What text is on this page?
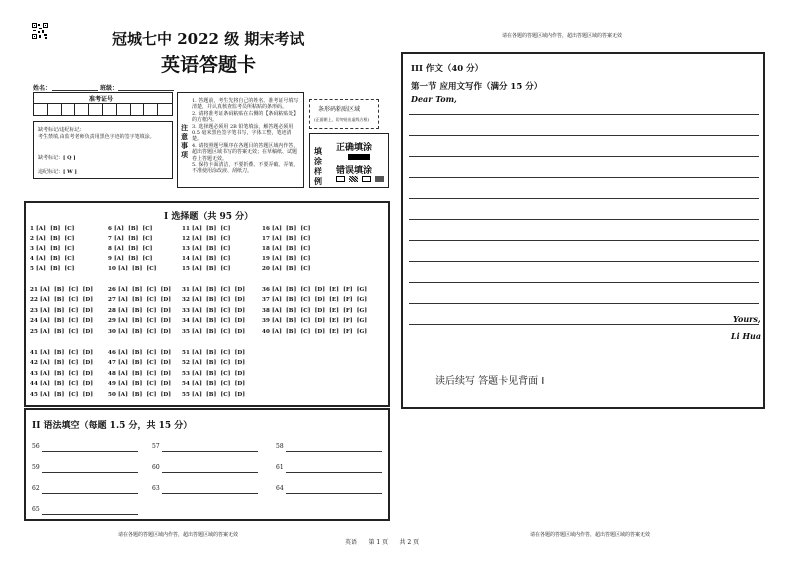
冠城七中 2022 级 期末考试
英语答题卡
请在各题的答题区域内作答，超出答题区域的答案无效
姓名：	班级：
准考证号
缺考标记/违纪标记：
考生禁填,由监考老师负责用黑色字迹的签字笔填涂。
缺考标记：[ Q ]
违纪标记：[ W ]
注意事项
1. 答题前，考生先将自己的姓名、准考证号填写清楚，并认真核查监考员所粘贴的条形码。
2. 请将准考证条码粘贴在右侧的【条码粘贴处】的方框内。
3. 选择题必须用 2B 铅笔填涂，解答题必须用 0.5 毫米黑色签字笔书写，字体工整，笔迹清楚。
4. 请按照题号顺序在各题目的答题区域内作答，超出答题区域书写的答案无效；在草稿纸、试题卷上答题无效。
5. 保持卡面清洁，不要折叠、不要弄破、弄皱，不准使用涂改液、刮纸刀。
条形码粘贴区域
(正面朝上，切勿贴出虚线方框)
填涂样例
正确填涂
错误填涂
I 选择题（共 95 分）
1 [A]  [B]  [C]	6 [A]  [B]  [C]	11 [A]  [B]  [C]	16 [A]  [B]  [C]
2 [A]  [B]  [C]	7 [A]  [B]  [C]	12 [A]  [B]  [C]	17 [A]  [B]  [C]
3 [A]  [B]  [C]	8 [A]  [B]  [C]	13 [A]  [B]  [C]	18 [A]  [B]  [C]
4 [A]  [B]  [C]	9 [A]  [B]  [C]	14 [A]  [B]  [C]	19 [A]  [B]  [C]
5 [A]  [B]  [C]	10 [A]  [B]  [C]	15 [A]  [B]  [C]	20 [A]  [B]  [C]
21 [A]  [B]  [C]  [D]	26 [A]  [B]  [C]  [D] 31 [A]  [B]  [C]  [D]	36 [A]  [B]  [C]  [D]  [E]  [F]  [G]
22 [A]  [B]  [C]  [D]	27 [A]  [B]  [C]  [D] 32 [A]  [B]  [C]  [D]	37 [A]  [B]  [C]  [D]  [E]  [F]  [G]
23 [A]  [B]  [C]  [D]	28 [A]  [B]  [C]  [D] 33 [A]  [B]  [C]  [D]	38 [A]  [B]  [C]  [D]  [E]  [F]  [G]
24 [A]  [B]  [C]  [D]	29 [A]  [B]  [C]  [D] 34 [A]  [B]  [C]  [D]	39 [A]  [B]  [C]  [D]  [E]  [F]  [G]
25 [A]  [B]  [C]  [D]	30 [A]  [B]  [C]  [D] 35 [A]  [B]  [C]  [D]	40 [A]  [B]  [C]  [D]  [E]  [F]  [G]
41 [A]  [B]  [C]  [D]	46 [A]  [B]  [C]  [D] 51 [A]  [B]  [C]  [D]
42 [A]  [B]  [C]  [D]	47 [A]  [B]  [C]  [D] 52 [A]  [B]  [C]  [D]
43 [A]  [B]  [C]  [D]	48 [A]  [B]  [C]  [D] 53 [A]  [B]  [C]  [D]
44 [A]  [B]  [C]  [D]	49 [A]  [B]  [C]  [D] 54 [A]  [B]  [C]  [D]
45 [A]  [B]  [C]  [D]	50 [A]  [B]  [C]  [D] 55 [A]  [B]  [C]  [D]
II 语法填空（每题 1.5 分，共 15 分）
56	57	58
59	60	61
62	63	64
65
III 作文（40 分）
第一节 应用文写作（满分 15 分）
Dear Tom,
Yours,
Li Hua
读后续写 答题卡见背面 I
请在各题的答题区域内作答，超出答题区域的答案无效
英语      第 1 页      共 2 页
请在各题的答题区域内作答，超出答题区域的答案无效
